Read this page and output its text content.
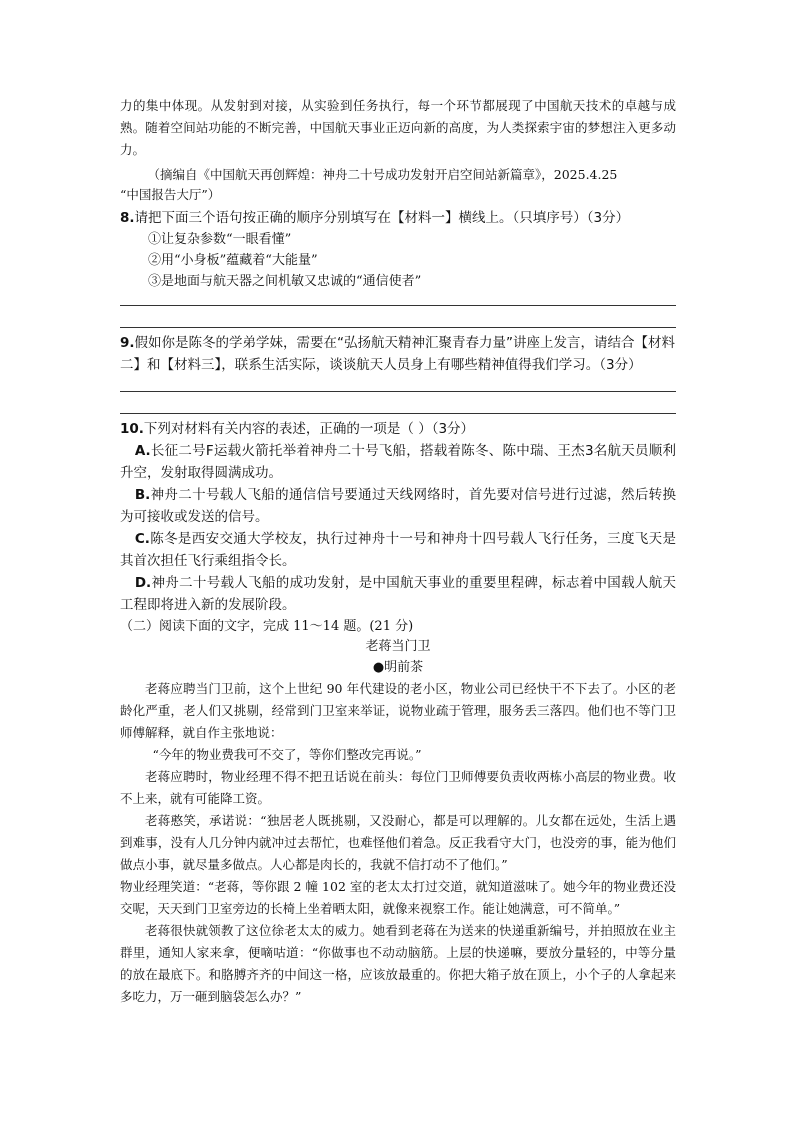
力的集中体现。从发射到对接，从实验到任务执行，每一个环节都展现了中国航天技术的卓越与成熟。随着空间站功能的不断完善，中国航天事业正迈向新的高度，为人类探索宇宙的梦想注入更多动力。

（摘编自《中国航天再创辉煌：神舟二十号成功发射开启空间站新篇章》，2025.4.25
“中国报告大厅”）

8.请把下面三个语句按正确的顺序分别填写在【材料一】横线上。（只填序号）（3分）

①让复杂参数“一眼看懂”

②用“小身板”蕴藏着“大能量”

③是地面与航天器之间机敏又忠诚的“通信使者”

9.假如你是陈冬的学弟学妹，需要在“弘扬航天精神汇聚青春力量”讲座上发言，请结合【材料二】和【材料三】，联系生活实际，谈谈航天人员身上有哪些精神值得我们学习。（3分）

10.下列对材料有关内容的表述，正确的一项是（ ）（3分）

A.长征二号F运载火箭托举着神舟二十号飞船，搭载着陈冬、陈中瑞、王杰3名航天员顺利升空，发射取得圆满成功。

B.神舟二十号载人飞船的通信信号要通过天线网络时，首先要对信号进行过滤，然后转换为可接收或发送的信号。

C.陈冬是西安交通大学校友，执行过神舟十一号和神舟十四号载人飞行任务，三度飞天是其首次担任飞行乘组指令长。

D.神舟二十号载人飞船的成功发射，是中国航天事业的重要里程碑，标志着中国载人航天工程即将进入新的发展阶段。

（二）阅读下面的文字，完成 11～14 题。(21 分)

老蒋当门卫

●明前茶

老蒋应聘当门卫前，这个上世纪 90 年代建设的老小区，物业公司已经快干不下去了。小区的老龄化严重，老人们又挑剔，经常到门卫室来举证，说物业疏于管理，服务丢三落四。他们也不等门卫师傅解释，就自作主张地说：

“今年的物业费我可不交了，等你们整改完再说。”

老蒋应聘时，物业经理不得不把丑话说在前头：每位门卫师傅要负责收两栋小高层的物业费。收不上来，就有可能降工资。

老蒋憨笑，承诺说：“独居老人既挑剔，又没耐心，都是可以理解的。儿女都在远处，生活上遇到难事，没有人几分钟内就冲过去帮忙，也难怪他们着急。反正我看守大门，也没旁的事，能为他们做点小事，就尽量多做点。人心都是肉长的，我就不信打动不了他们。”

物业经理笑道：“老蒋，等你跟 2 幢 102 室的老太太打过交道，就知道滋味了。她今年的物业费还没交呢，天天到门卫室旁边的长椅上坐着晒太阳，就像来视察工作。能让她满意，可不简单。”

老蒋很快就领教了这位徐老太太的威力。她看到老蒋在为送来的快递重新编号，并拍照放在业主群里，通知人家来拿，便嘀咕道：“你做事也不动动脑筋。上层的快递嘛，要放分量轻的，中等分量的放在最底下。和胳膊齐齐的中间这一格，应该放最重的。你把大箱子放在顶上，小个子的人拿起来多吃力，万一砸到脑袋怎么办？”
